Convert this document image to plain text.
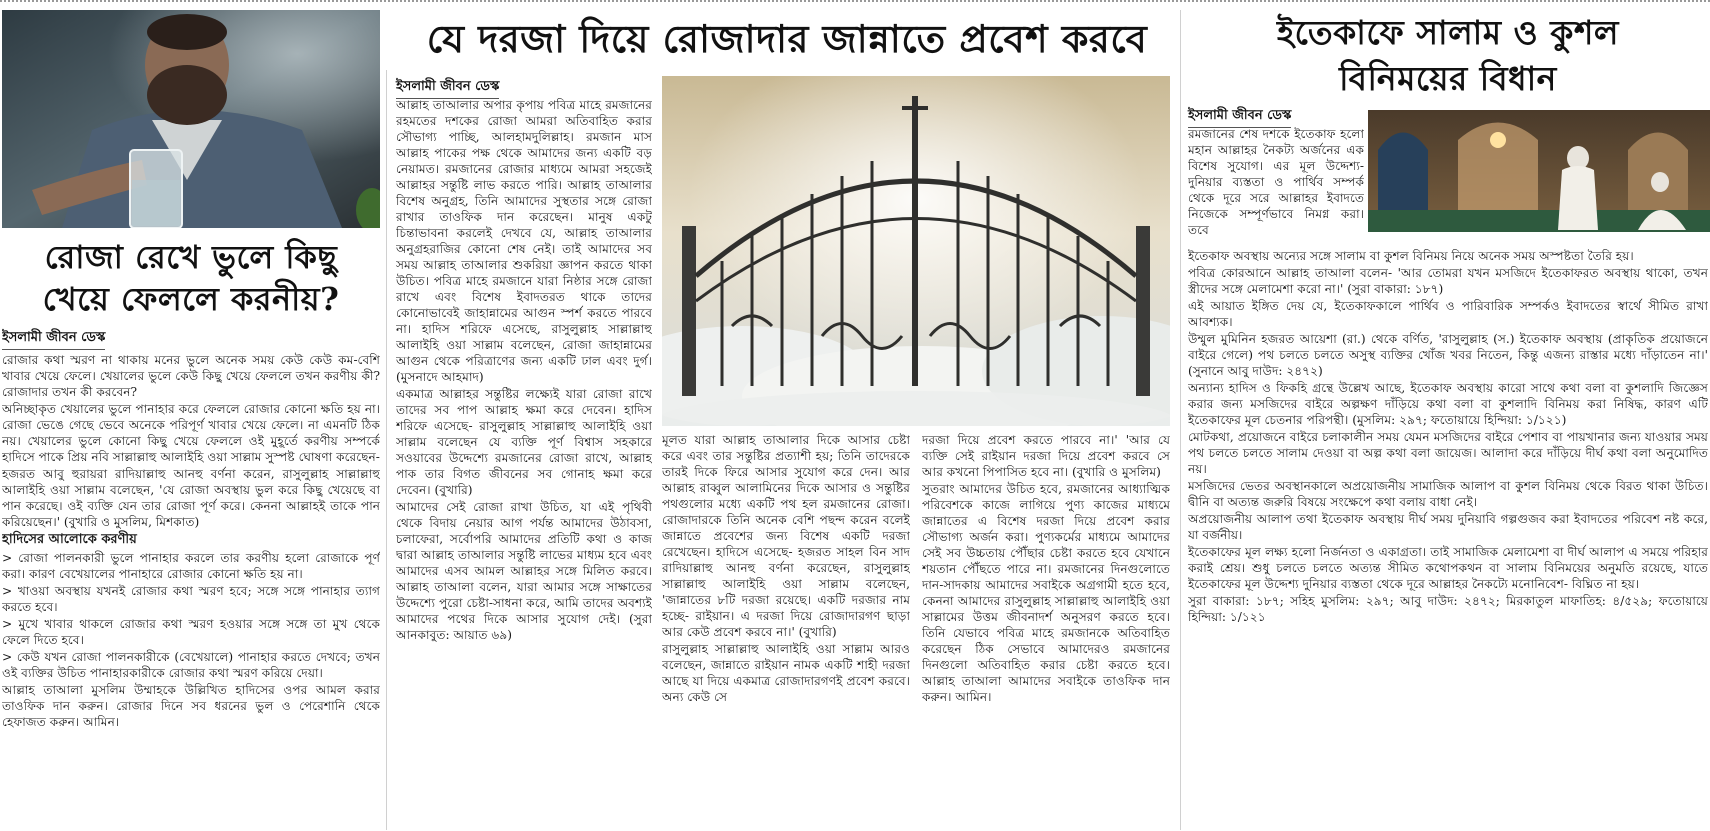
রোজা রেখে ভুলে কিছু খেয়ে ফেললে করনীয়?
ইসলামী জীবন ডেস্ক

রোজার কথা স্মরণ না থাকায় মনের ভুলে অনেক সময় কেউ কেউ কম-বেশি খাবার খেয়ে ফেলে। খেয়ালের ভুলে কেউ কিছু খেয়ে ফেললে তখন করণীয় কী? রোজাদার তখন কী করবেন?

অনিচ্ছাকৃত খেয়ালের ভুলে পানাহার করে ফেললে রোজার কোনো ক্ষতি হয় না। রোজা ভেঙে গেছে ভেবে অনেকে পরিপূর্ণ খাবার খেয়ে ফেলে। না এমনটি ঠিক নয়। খেয়ালের ভুলে কোনো কিছু খেয়ে ফেললে ওই মুহূর্তে করণীয় সম্পর্কে হাদিসে পাকে প্রিয় নবি সাল্লাল্লাহু আলাইহি ওয়া সাল্লাম সুস্পষ্ট ঘোষণা করেছেন-

হজরত আবু হুরায়রা রাদিয়াল্লাহু আনহু বর্ণনা করেন, রাসুলুল্লাহ সাল্লাল্লাহু আলাইহি ওয়া সাল্লাম বলেছেন, 'যে রোজা অবস্থায় ভুল করে কিছু খেয়েছে বা পান করেছে। ওই ব্যক্তি যেন তার রোজা পূর্ণ করে। কেননা আল্লাহই তাকে পান করিয়েছেন।' (বুখারি ও মুসলিম, মিশকাত)

হাদিসের আলোকে করণীয়

> রোজা পালনকারী ভুলে পানাহার করলে তার করণীয় হলো রোজাকে পূর্ণ করা। কারণ বেখেয়ালের পানাহারে রোজার কোনো ক্ষতি হয় না।

> খাওয়া অবস্থায় যখনই রোজার কথা স্মরণ হবে; সঙ্গে সঙ্গে পানাহার ত্যাগ করতে হবে।

> মুখে খাবার থাকলে রোজার কথা স্মরণ হওয়ার সঙ্গে সঙ্গে তা মুখ থেকে ফেলে দিতে হবে।

> কেউ যখন রোজা পালনকারীকে (বেখেয়ালে) পানাহার করতে দেখবে; তখন ওই ব্যক্তির উচিত পানাহারকারীকে রোজার কথা স্মরণ করিয়ে দেয়া।

আল্লাহ তাআলা মুসলিম উম্মাহকে উল্লিখিত হাদিসের ওপর আমল করার তাওফিক দান করুন। রোজার দিনে সব ধরনের ভুল ও পেরেশানি থেকে হেফাজত করুন। আমিন।

যে দরজা দিয়ে রোজাদার জান্নাতে প্রবেশ করবে
ইসলামী জীবন ডেস্ক

আল্লাহ তাআলার অপার কৃপায় পবিত্র মাহে রমজানের রহমতের দশকের রোজা আমরা অতিবাহিত করার সৌভাগ্য পাচ্ছি, আলহামদুলিল্লাহ। রমজান মাস আল্লাহ পাকের পক্ষ থেকে আমাদের জন্য একটি বড় নেয়ামত। রমজানের রোজার মাধ্যমে আমরা সহজেই আল্লাহর সন্তুষ্টি লাভ করতে পারি। আল্লাহ তাআলার বিশেষ অনুগ্রহ, তিনি আমাদের সুস্থতার সঙ্গে রোজা রাখার তাওফিক দান করেছেন। মানুষ একটু চিন্তাভাবনা করলেই দেখবে যে, আল্লাহ তাআলার অনুগ্রহরাজির কোনো শেষ নেই। তাই আমাদের সব সময় আল্লাহ তাআলার শুকরিয়া জ্ঞাপন করতে থাকা উচিত। পবিত্র মাহে রমজানে যারা নিষ্ঠার সঙ্গে রোজা রাখে এবং বিশেষ ইবাদতরত থাকে তাদের কোনোভাবেই জাহান্নামের আগুন স্পর্শ করতে পারবে না। হাদিস শরিফে এসেছে, রাসুলুল্লাহ সাল্লাল্লাহু আলাইহি ওয়া সাল্লাম বলেছেন, রোজা জাহান্নামের আগুন থেকে পরিত্রাণের জন্য একটি ঢাল এবং দুর্গ। (মুসনাদে আহমাদ)

একমাত্র আল্লাহর সন্তুষ্টির লক্ষ্যেই যারা রোজা রাখে তাদের সব পাপ আল্লাহ ক্ষমা করে দেবেন। হাদিস শরিফে এসেছে- রাসুলুল্লাহ সাল্লাল্লাহু আলাইহি ওয়া সাল্লাম বলেছেন যে ব্যক্তি পূর্ণ বিশ্বাস সহকারে সওয়াবের উদ্দেশ্যে রমজানের রোজা রাখে, আল্লাহ পাক তার বিগত জীবনের সব গোনাহ ক্ষমা করে দেবেন। (বুখারি)

আমাদের সেই রোজা রাখা উচিত, যা এই পৃথিবী থেকে বিদায় নেয়ার আগ পর্যন্ত আমাদের উঠাবসা, চলাফেরা, সর্বোপরি আমাদের প্রতিটি কথা ও কাজ দ্বারা আল্লাহ তাআলার সন্তুষ্টি লাভের মাধ্যম হবে এবং আমাদের এসব আমল আল্লাহর সঙ্গে মিলিত করবে। আল্লাহ তাআলা বলেন, যারা আমার সঙ্গে সাক্ষাতের উদ্দেশ্যে পুরো চেষ্টা-সাধনা করে, আমি তাদের অবশ্যই আমাদের পথের দিকে আসার সুযোগ দেই। (সুরা আনকাবুত: আয়াত ৬৯)

মূলত যারা আল্লাহ তাআলার দিকে আসার চেষ্টা করে এবং তার সন্তুষ্টির প্রত্যাশী হয়; তিনি তাদেরকে তারই দিকে ফিরে আসার সুযোগ করে দেন। আর আল্লাহ রাব্বুল আলামিনের দিকে আসার ও সন্তুষ্টির পথগুলোর মধ্যে একটি পথ হল রমজানের রোজা। রোজাদারকে তিনি অনেক বেশি পছন্দ করেন বলেই জান্নাতে প্রবেশের জন্য বিশেষ একটি দরজা রেখেছেন। হাদিসে এসেছে- হজরত সাহল বিন সাদ রাদিয়াল্লাহু আনহু বর্ণনা করেছেন, রাসুলুল্লাহ সাল্লাল্লাহু আলাইহি ওয়া সাল্লাম বলেছেন, 'জান্নাতের ৮টি দরজা রয়েছে। একটি দরজার নাম হচ্ছে- রাইয়ান। এ দরজা দিয়ে রোজাদারগণ ছাড়া আর কেউ প্রবেশ করবে না।' (বুখারি)

রাসুলুল্লাহ সাল্লাল্লাহু আলাইহি ওয়া সাল্লাম আরও বলেছেন, জান্নাতে রাইয়ান নামক একটি শাহী দরজা আছে যা দিয়ে একমাত্র রোজাদারগণই প্রবেশ করবে। অন্য কেউ সে

দরজা দিয়ে প্রবেশ করতে পারবে না।' 'আর যে ব্যক্তি সেই রাইয়ান দরজা দিয়ে প্রবেশ করবে সে আর কখনো পিপাসিত হবে না। (বুখারি ও মুসলিম)

সুতরাং আমাদের উচিত হবে, রমজানের আধ্যাত্মিক পরিবেশকে কাজে লাগিয়ে পুণ্য কাজের মাধ্যমে জান্নাতের এ বিশেষ দরজা দিয়ে প্রবেশ করার সৌভাগ্য অর্জন করা। পুণ্যকর্মের মাধ্যমে আমাদের সেই সব উচ্চতায় পৌঁছার চেষ্টা করতে হবে যেখানে শয়তান পৌঁছতে পারে না। রমজানের দিনগুলোতে দান-সাদকায় আমাদের সবাইকে অগ্রগামী হতে হবে, কেননা আমাদের রাসুলুল্লাহ সাল্লাল্লাহু আলাইহি ওয়া সাল্লামের উত্তম জীবনাদর্শ অনুসরণ করতে হবে। তিনি যেভাবে পবিত্র মাহে রমজানকে অতিবাহিত করেছেন ঠিক সেভাবে আমাদেরও রমজানের দিনগুলো অতিবাহিত করার চেষ্টা করতে হবে। আল্লাহ তাআলা আমাদের সবাইকে তাওফিক দান করুন। আমিন।

ইতেকাফে সালাম ও কুশল
বিনিময়ের বিধান
ইসলামী জীবন ডেস্ক

রমজানের শেষ দশকে ইতেকাফ হলো মহান আল্লাহর নৈকট্য অর্জনের এক বিশেষ সুযোগ। এর মূল উদ্দেশ্য- দুনিয়ার ব্যস্ততা ও পার্থিব সম্পর্ক থেকে দূরে সরে আল্লাহর ইবাদতে নিজেকে সম্পূর্ণভাবে নিমগ্ন করা। তবে

ইতেকাফ অবস্থায় অন্যের সঙ্গে সালাম বা কুশল বিনিময় নিয়ে অনেক সময় অস্পষ্টতা তৈরি হয়।

পবিত্র কোরআনে আল্লাহ তাআলা বলেন- 'আর তোমরা যখন মসজিদে ইতেকাফরত অবস্থায় থাকো, তখন স্ত্রীদের সঙ্গে মেলামেশা করো না।' (সুরা বাকারা: ১৮৭)

এই আয়াত ইঙ্গিত দেয় যে, ইতেকাফকালে পার্থিব ও পারিবারিক সম্পর্কও ইবাদতের স্বার্থে সীমিত রাখা আবশ্যক।

উম্মুল মুমিনিন হজরত আয়েশা (রা.) থেকে বর্ণিত, 'রাসুলুল্লাহ (স.) ইতেকাফ অবস্থায় (প্রাকৃতিক প্রয়োজনে বাইরে গেলে) পথ চলতে চলতে অসুস্থ ব্যক্তির খোঁজ খবর নিতেন, কিন্তু এজন্য রাস্তার মধ্যে দাঁড়াতেন না।' (সুনানে আবু দাউদ: ২৪৭২)

অন্যান্য হাদিস ও ফিকহি গ্রন্থে উল্লেখ আছে, ইতেকাফ অবস্থায় কারো সাথে কথা বলা বা কুশলাদি জিজ্ঞেস করার জন্য মসজিদের বাইরে অল্পক্ষণ দাঁড়িয়ে কথা বলা বা কুশলাদি বিনিময় করা নিষিদ্ধ, কারণ এটি ইতেকাফের মূল চেতনার পরিপন্থী। (মুসলিম: ২৯৭; ফতোয়ায়ে হিন্দিয়া: ১/১২১)

মোটকথা, প্রয়োজনে বাইরে চলাকালীন সময় যেমন মসজিদের বাইরে পেশাব বা পায়খানার জন্য যাওয়ার সময় পথ চলতে চলতে সালাম দেওয়া বা অল্প কথা বলা জায়েজ। আলাদা করে দাঁড়িয়ে দীর্ঘ কথা বলা অনুমোদিত নয়।

মসজিদের ভেতর অবস্থানকালে অপ্রয়োজনীয় সামাজিক আলাপ বা কুশল বিনিময় থেকে বিরত থাকা উচিত। দ্বীনি বা অত্যন্ত জরুরি বিষয়ে সংক্ষেপে কথা বলায় বাধা নেই।

অপ্রয়োজনীয় আলাপ তথা ইতেকাফ অবস্থায় দীর্ঘ সময় দুনিয়াবি গল্পগুজব করা ইবাদতের পরিবেশ নষ্ট করে, যা বর্জনীয়।

ইতেকাফের মূল লক্ষ্য হলো নির্জনতা ও একাগ্রতা। তাই সামাজিক মেলামেশা বা দীর্ঘ আলাপ এ সময়ে পরিহার করাই শ্রেয়। শুধু চলতে চলতে অত্যন্ত সীমিত কথোপকথন বা সালাম বিনিময়ের অনুমতি রয়েছে, যাতে ইতেকাফের মূল উদ্দেশ্য দুনিয়ার ব্যস্ততা থেকে দূরে আল্লাহর নৈকট্যে মনোনিবেশ- বিঘ্নিত না হয়।

সুরা বাকারা: ১৮৭; সহিহ মুসলিম: ২৯৭; আবু দাউদ: ২৪৭২; মিরকাতুল মাফাতিহ: ৪/৫২৯; ফতোয়ায়ে হিন্দিয়া: ১/১২১
